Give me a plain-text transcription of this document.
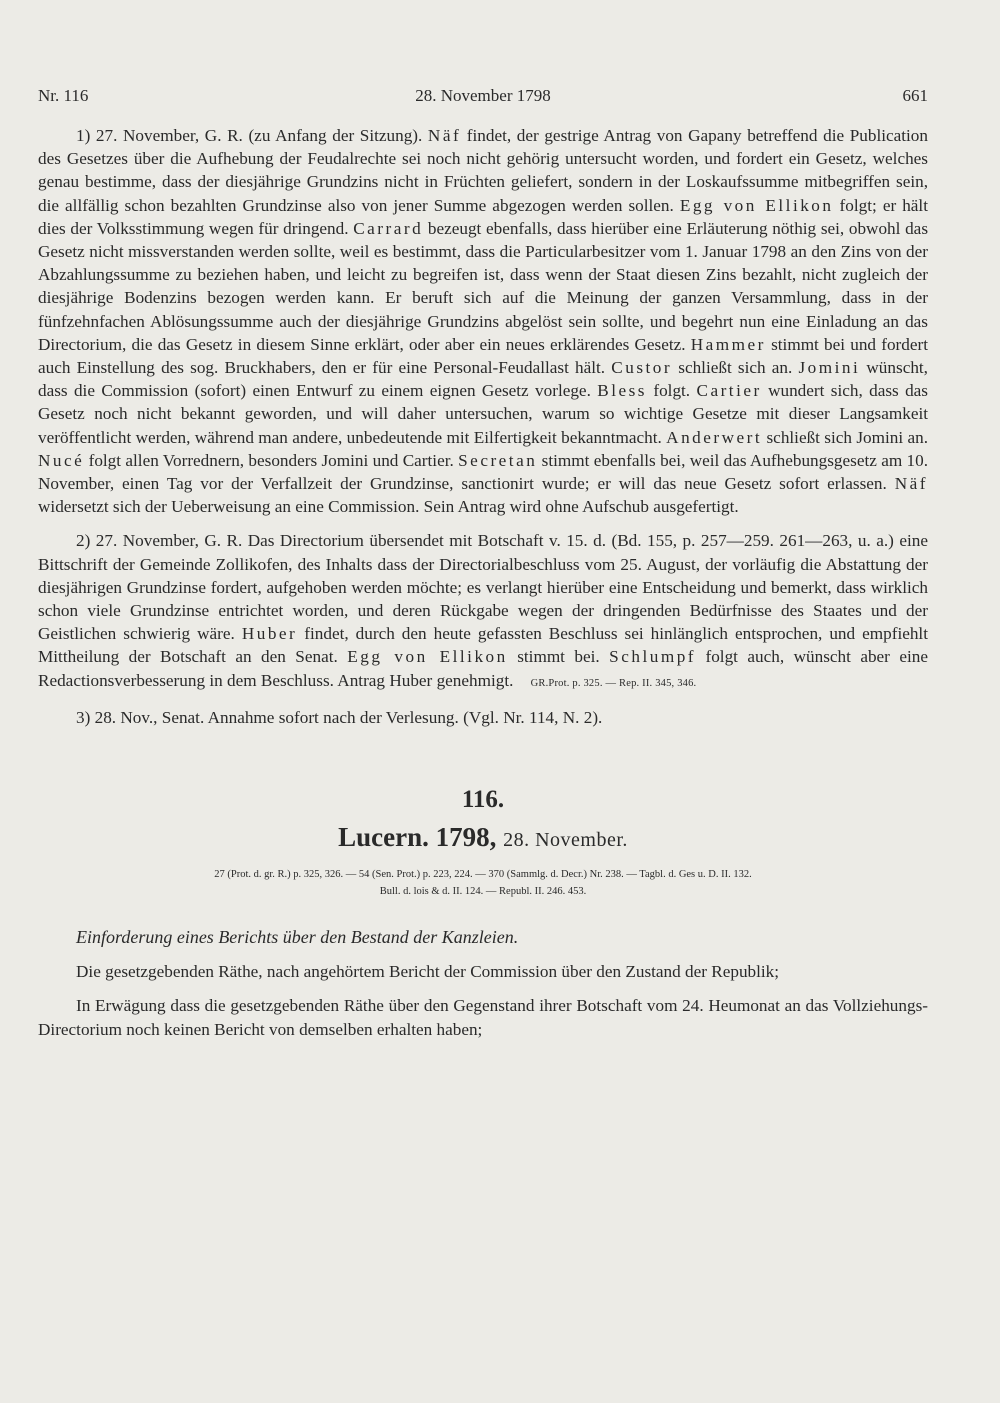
Nr. 116	28. November 1798	661

1) 27. November, G. R. (zu Anfang der Sitzung). Näf findet, der gestrige Antrag von Gapany betreffend die Publication des Gesetzes über die Aufhebung der Feudalrechte sei noch nicht gehörig untersucht worden, und fordert ein Gesetz, welches genau bestimme, dass der diesjährige Grundzins nicht in Früchten geliefert, sondern in der Loskaufssumme mitbegriffen sein, die allfällig schon bezahlten Grundzinse also von jener Summe abgezogen werden sollen. Egg von Ellikon folgt; er hält dies der Volksstimmung wegen für dringend. Carrard bezeugt ebenfalls, dass hierüber eine Erläuterung nöthig sei, obwohl das Gesetz nicht missverstanden werden sollte, weil es bestimmt, dass die Particularbesitzer vom 1. Januar 1798 an den Zins von der Abzahlungssumme zu beziehen haben, und leicht zu begreifen ist, dass wenn der Staat diesen Zins bezahlt, nicht zugleich der diesjährige Bodenzins bezogen werden kann. Er beruft sich auf die Meinung der ganzen Versammlung, dass in der fünfzehnfachen Ablösungssumme auch der diesjährige Grundzins abgelöst sein sollte, und begehrt nun eine Einladung an das Directorium, die das Gesetz in diesem Sinne erklärt, oder aber ein neues erklärendes Gesetz. Hammer stimmt bei und fordert auch Einstellung des sog. Bruckhabers, den er für eine Personal-Feudallast hält. Custor schließt sich an. Jomini wünscht, dass die Commission (sofort) einen Entwurf zu einem eignen Gesetz vorlege. Bless folgt. Cartier wundert sich, dass das Gesetz noch nicht bekannt geworden, und will daher untersuchen, warum so wichtige Gesetze mit dieser Langsamkeit veröffentlicht werden, während man andere, unbedeutende mit Eilfertigkeit bekanntmacht. Anderwert schließt sich Jomini an. Nucé folgt allen Vorrednern, besonders Jomini und Cartier. Secretan stimmt ebenfalls bei, weil das Aufhebungsgesetz am 10. November, einen Tag vor der Verfallzeit der Grundzinse, sanctionirt wurde; er will das neue Gesetz sofort erlassen. Näf widersetzt sich der Ueberweisung an eine Commission. Sein Antrag wird ohne Aufschub ausgefertigt.

2) 27. November, G. R. Das Directorium übersendet mit Botschaft v. 15. d. (Bd. 155, p. 257—259. 261—263, u. a.) eine Bittschrift der Gemeinde Zollikofen, des Inhalts dass der Directorialbeschluss vom 25. August, der vorläufig die Abstattung der diesjährigen Grundzinse fordert, aufgehoben werden möchte; es verlangt hierüber eine Entscheidung und bemerkt, dass wirklich schon viele Grundzinse entrichtet worden, und deren Rückgabe wegen der dringenden Bedürfnisse des Staates und der Geistlichen schwierig wäre. Huber findet, durch den heute gefassten Beschluss sei hinlänglich entsprochen, und empfiehlt Mittheilung der Botschaft an den Senat. Egg von Ellikon stimmt bei. Schlumpf folgt auch, wünscht aber eine Redactionsverbesserung in dem Beschluss. Antrag Huber genehmigt. GR.Prot. p. 325. — Rep. II. 345, 346.

3) 28. Nov., Senat. Annahme sofort nach der Verlesung. (Vgl. Nr. 114, N. 2).

116.

Lucern. 1798, 28. November.

27 (Prot. d. gr. R.) p. 325, 326. — 54 (Sen. Prot.) p. 223, 224. — 370 (Sammlg. d. Decr.) Nr. 238. — Tagbl. d. Ges u. D. II. 132.
Bull. d. lois & d. II. 124. — Republ. II. 246. 453.

Einforderung eines Berichts über den Bestand der Kanzleien.

Die gesetzgebenden Räthe, nach angehörtem Bericht der Commission über den Zustand der Republik;

In Erwägung dass die gesetzgebenden Räthe über den Gegenstand ihrer Botschaft vom 24. Heumonat an das Vollziehungs-Directorium noch keinen Bericht von demselben erhalten haben;
